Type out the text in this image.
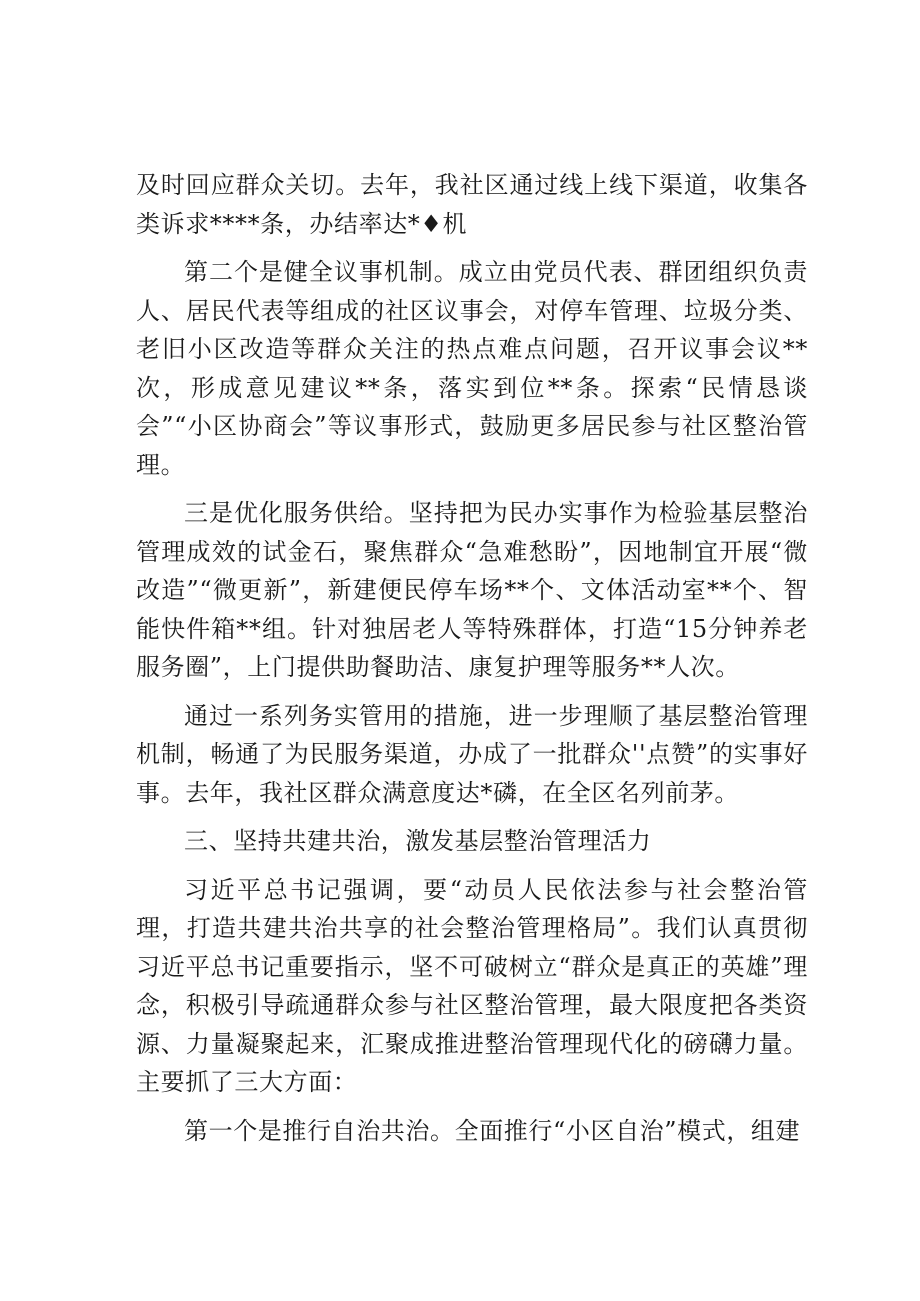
及时回应群众关切。去年，我社区通过线上线下渠道，收集各类诉求****条，办结率达*♦机

第二个是健全议事机制。成立由党员代表、群团组织负责人、居民代表等组成的社区议事会，对停车管理、垃圾分类、老旧小区改造等群众关注的热点难点问题，召开议事会议**次，形成意见建议**条，落实到位**条。探索“民情恳谈会”“小区协商会”等议事形式，鼓励更多居民参与社区整治管理。

三是优化服务供给。坚持把为民办实事作为检验基层整治管理成效的试金石，聚焦群众“急难愁盼”，因地制宜开展“微改造”“微更新”，新建便民停车场**个、文体活动室**个、智能快件箱**组。针对独居老人等特殊群体，打造“15分钟养老服务圈”，上门提供助餐助洁、康复护理等服务**人次。

通过一系列务实管用的措施，进一步理顺了基层整治管理机制，畅通了为民服务渠道，办成了一批群众''点赞”的实事好事。去年，我社区群众满意度达*磷，在全区名列前茅。

三、坚持共建共治，激发基层整治管理活力

习近平总书记强调，要“动员人民依法参与社会整治管理，打造共建共治共享的社会整治管理格局”。我们认真贯彻习近平总书记重要指示，坚不可破树立“群众是真正的英雄”理念，积极引导疏通群众参与社区整治管理，最大限度把各类资源、力量凝聚起来，汇聚成推进整治管理现代化的磅礴力量。主要抓了三大方面：

第一个是推行自治共治。全面推行“小区自治”模式，组建
